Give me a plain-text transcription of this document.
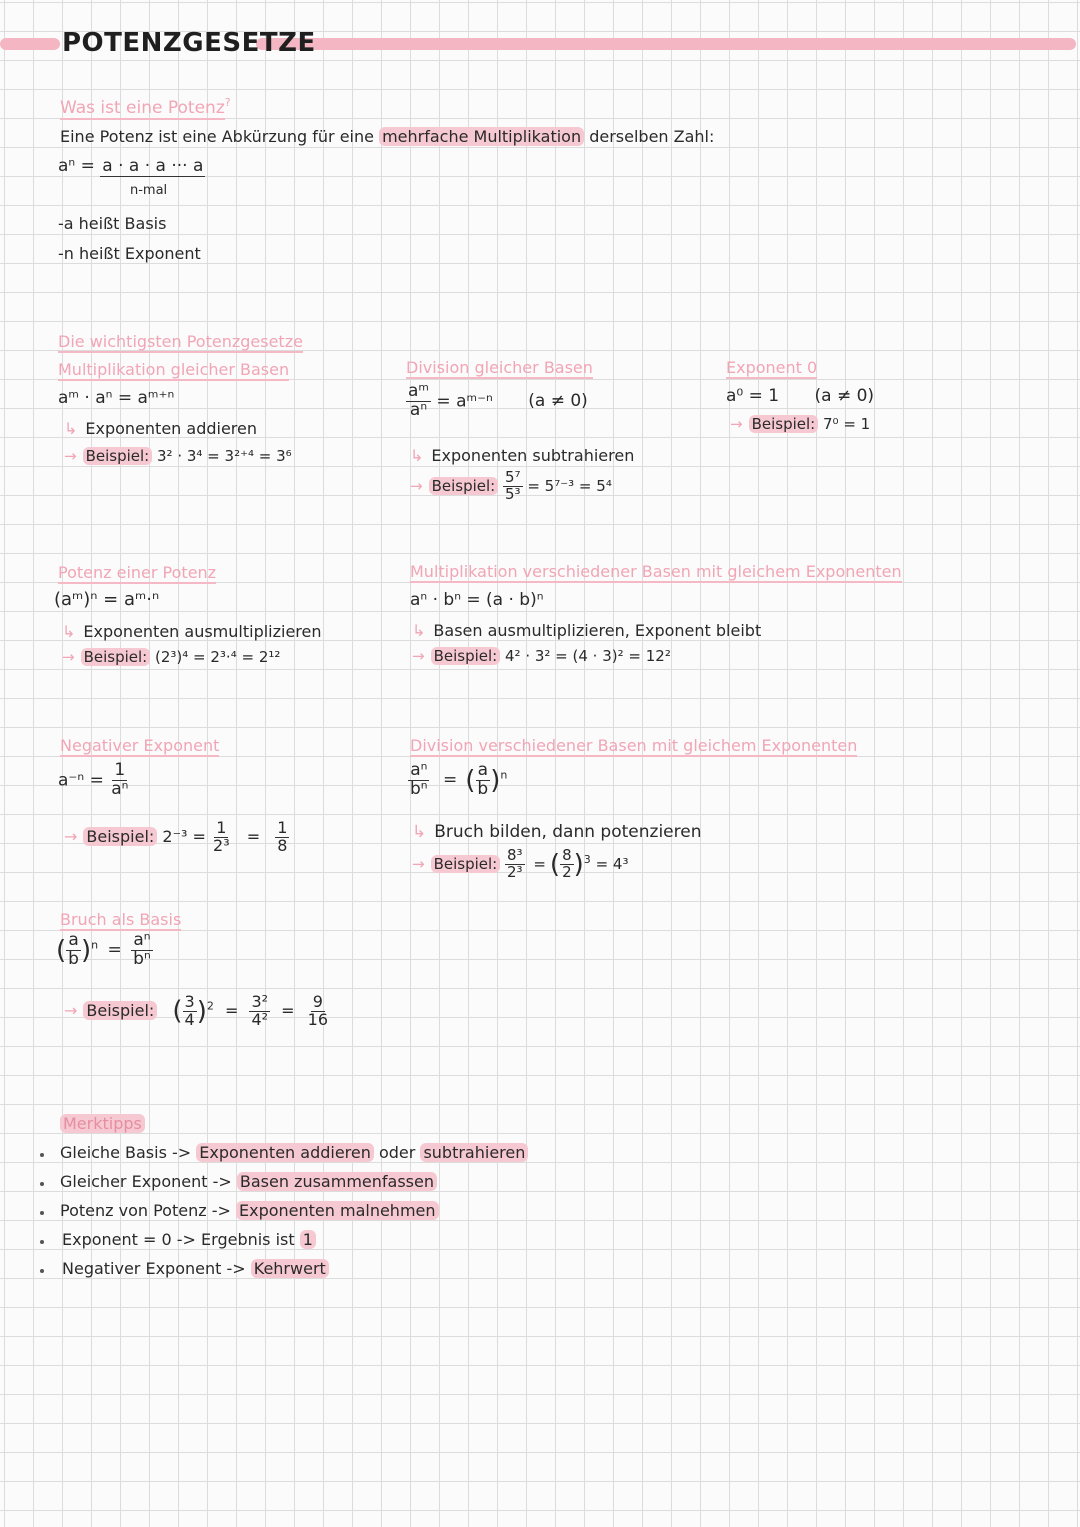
POTENZGESETZE
Was ist eine Potenz?
Eine Potenz ist eine Abkürzung für eine mehrfache Multiplikation derselben Zahl:
aⁿ = a · a · a ··· a
n-mal
-a heißt Basis
-n heißt Exponent
Die wichtigsten Potenzgesetze
Multiplikation gleicher Basen
aᵐ · aⁿ = aᵐ⁺ⁿ
↳ Exponenten addieren
→ Beispiel: 3² · 3⁴ = 3²⁺⁴ = 3⁶
Division gleicher Basen
$\frac{\text{aᵐ}}{\text{aⁿ}}$ = aᵐ⁻ⁿ (a ≠ 0)
↳ Exponenten subtrahieren
→ Beispiel: $\frac{\text{5⁷}}{\text{5³}} = 5^{7-3} = 5^4$
Exponent 0
a⁰ = 1 (a ≠ 0)
→ Beispiel: 7⁰ = 1
Potenz einer Potenz
(aᵐ)ⁿ = aᵐ·ⁿ
↳ Exponenten ausmultiplizieren
→ Beispiel: (2³)⁴ = 2³·⁴ = 2¹²
Multiplikation verschiedener Basen mit gleichem Exponenten
aⁿ · bⁿ = (a · b)ⁿ
↳ Basen ausmultiplizieren, Exponent bleibt
→ Beispiel: 4² · 3² = (4 · 3)² = 12²
Negativer Exponent
$a^{-n} = \frac{1}{\text{aⁿ}}$
→ Beispiel: $2^{-3} = \frac{1}{\text{2³}} = \frac{1}{8}$
Division verschiedener Basen mit gleichem Exponenten
$\frac{\text{aⁿ}}{\text{bⁿ}}$ = ( $\frac{a}{b} )^n$
↳ Bruch bilden, dann potenzieren
→ Beispiel: $\frac{\text{8³}}{\text{2³}}$ = ( $\frac{8}{2} )^3 = 4^3$
Bruch als Basis
( $\frac{a}{b} )^n = \frac{\text{aⁿ}}{\text{bⁿ}}$
→ Beispiel: ( $\frac{3}{4} )^2 = \frac{\text{3²}}{\text{4²}} = \frac{9}{16}$
Merktipps
Gleiche Basis -> Exponenten addieren oder subtrahieren
Gleicher Exponent -> Basen zusammenfassen
Potenz von Potenz -> Exponenten malnehmen
Exponent = 0 -> Ergebnis ist 1
Negativer Exponent -> Kehrwert
